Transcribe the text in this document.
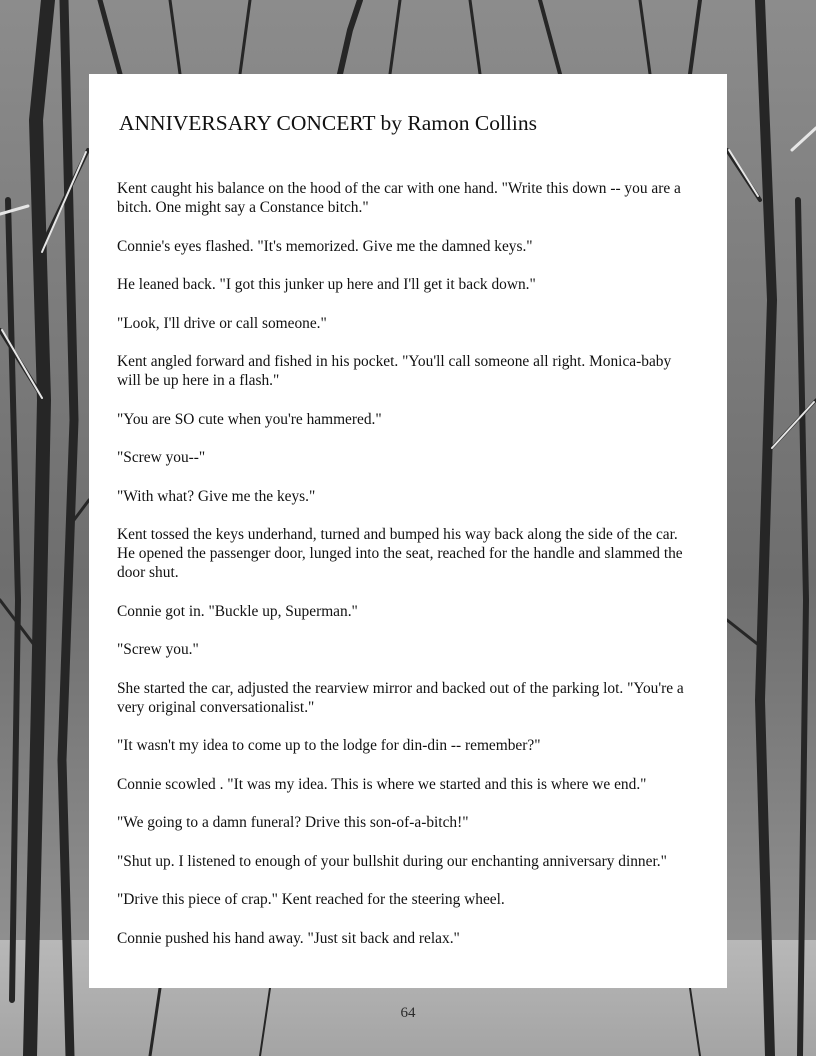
ANNIVERSARY CONCERT by Ramon Collins

Kent caught his balance on the hood of the car with one hand. "Write this down -- you are a bitch. One might say a Constance bitch."

Connie's eyes flashed. "It's memorized. Give me the damned keys."

He leaned back. "I got this junker up here and I'll get it back down."

"Look, I'll drive or call someone."

Kent angled forward and fished in his pocket. "You'll call someone all right. Monica-baby will be up here in a flash."

"You are SO cute when you're hammered."

"Screw you--"

"With what? Give me the keys."

Kent tossed the keys underhand, turned and bumped his way back along the side of the car. He opened the passenger door, lunged into the seat, reached for the handle and slammed the door shut.

Connie got in. "Buckle up, Superman."

"Screw you."

She started the car, adjusted the rearview mirror and backed out of the parking lot. "You're a very original conversationalist."

"It wasn't my idea to come up to the lodge for din-din -- remember?"

Connie scowled . "It was my idea. This is where we started and this is where we end."

"We going to a damn funeral? Drive this son-of-a-bitch!"

"Shut up. I listened to enough of your bullshit during our enchanting anniversary dinner."

"Drive this piece of crap." Kent reached for the steering wheel.

Connie pushed his hand away. "Just sit back and relax."

64
